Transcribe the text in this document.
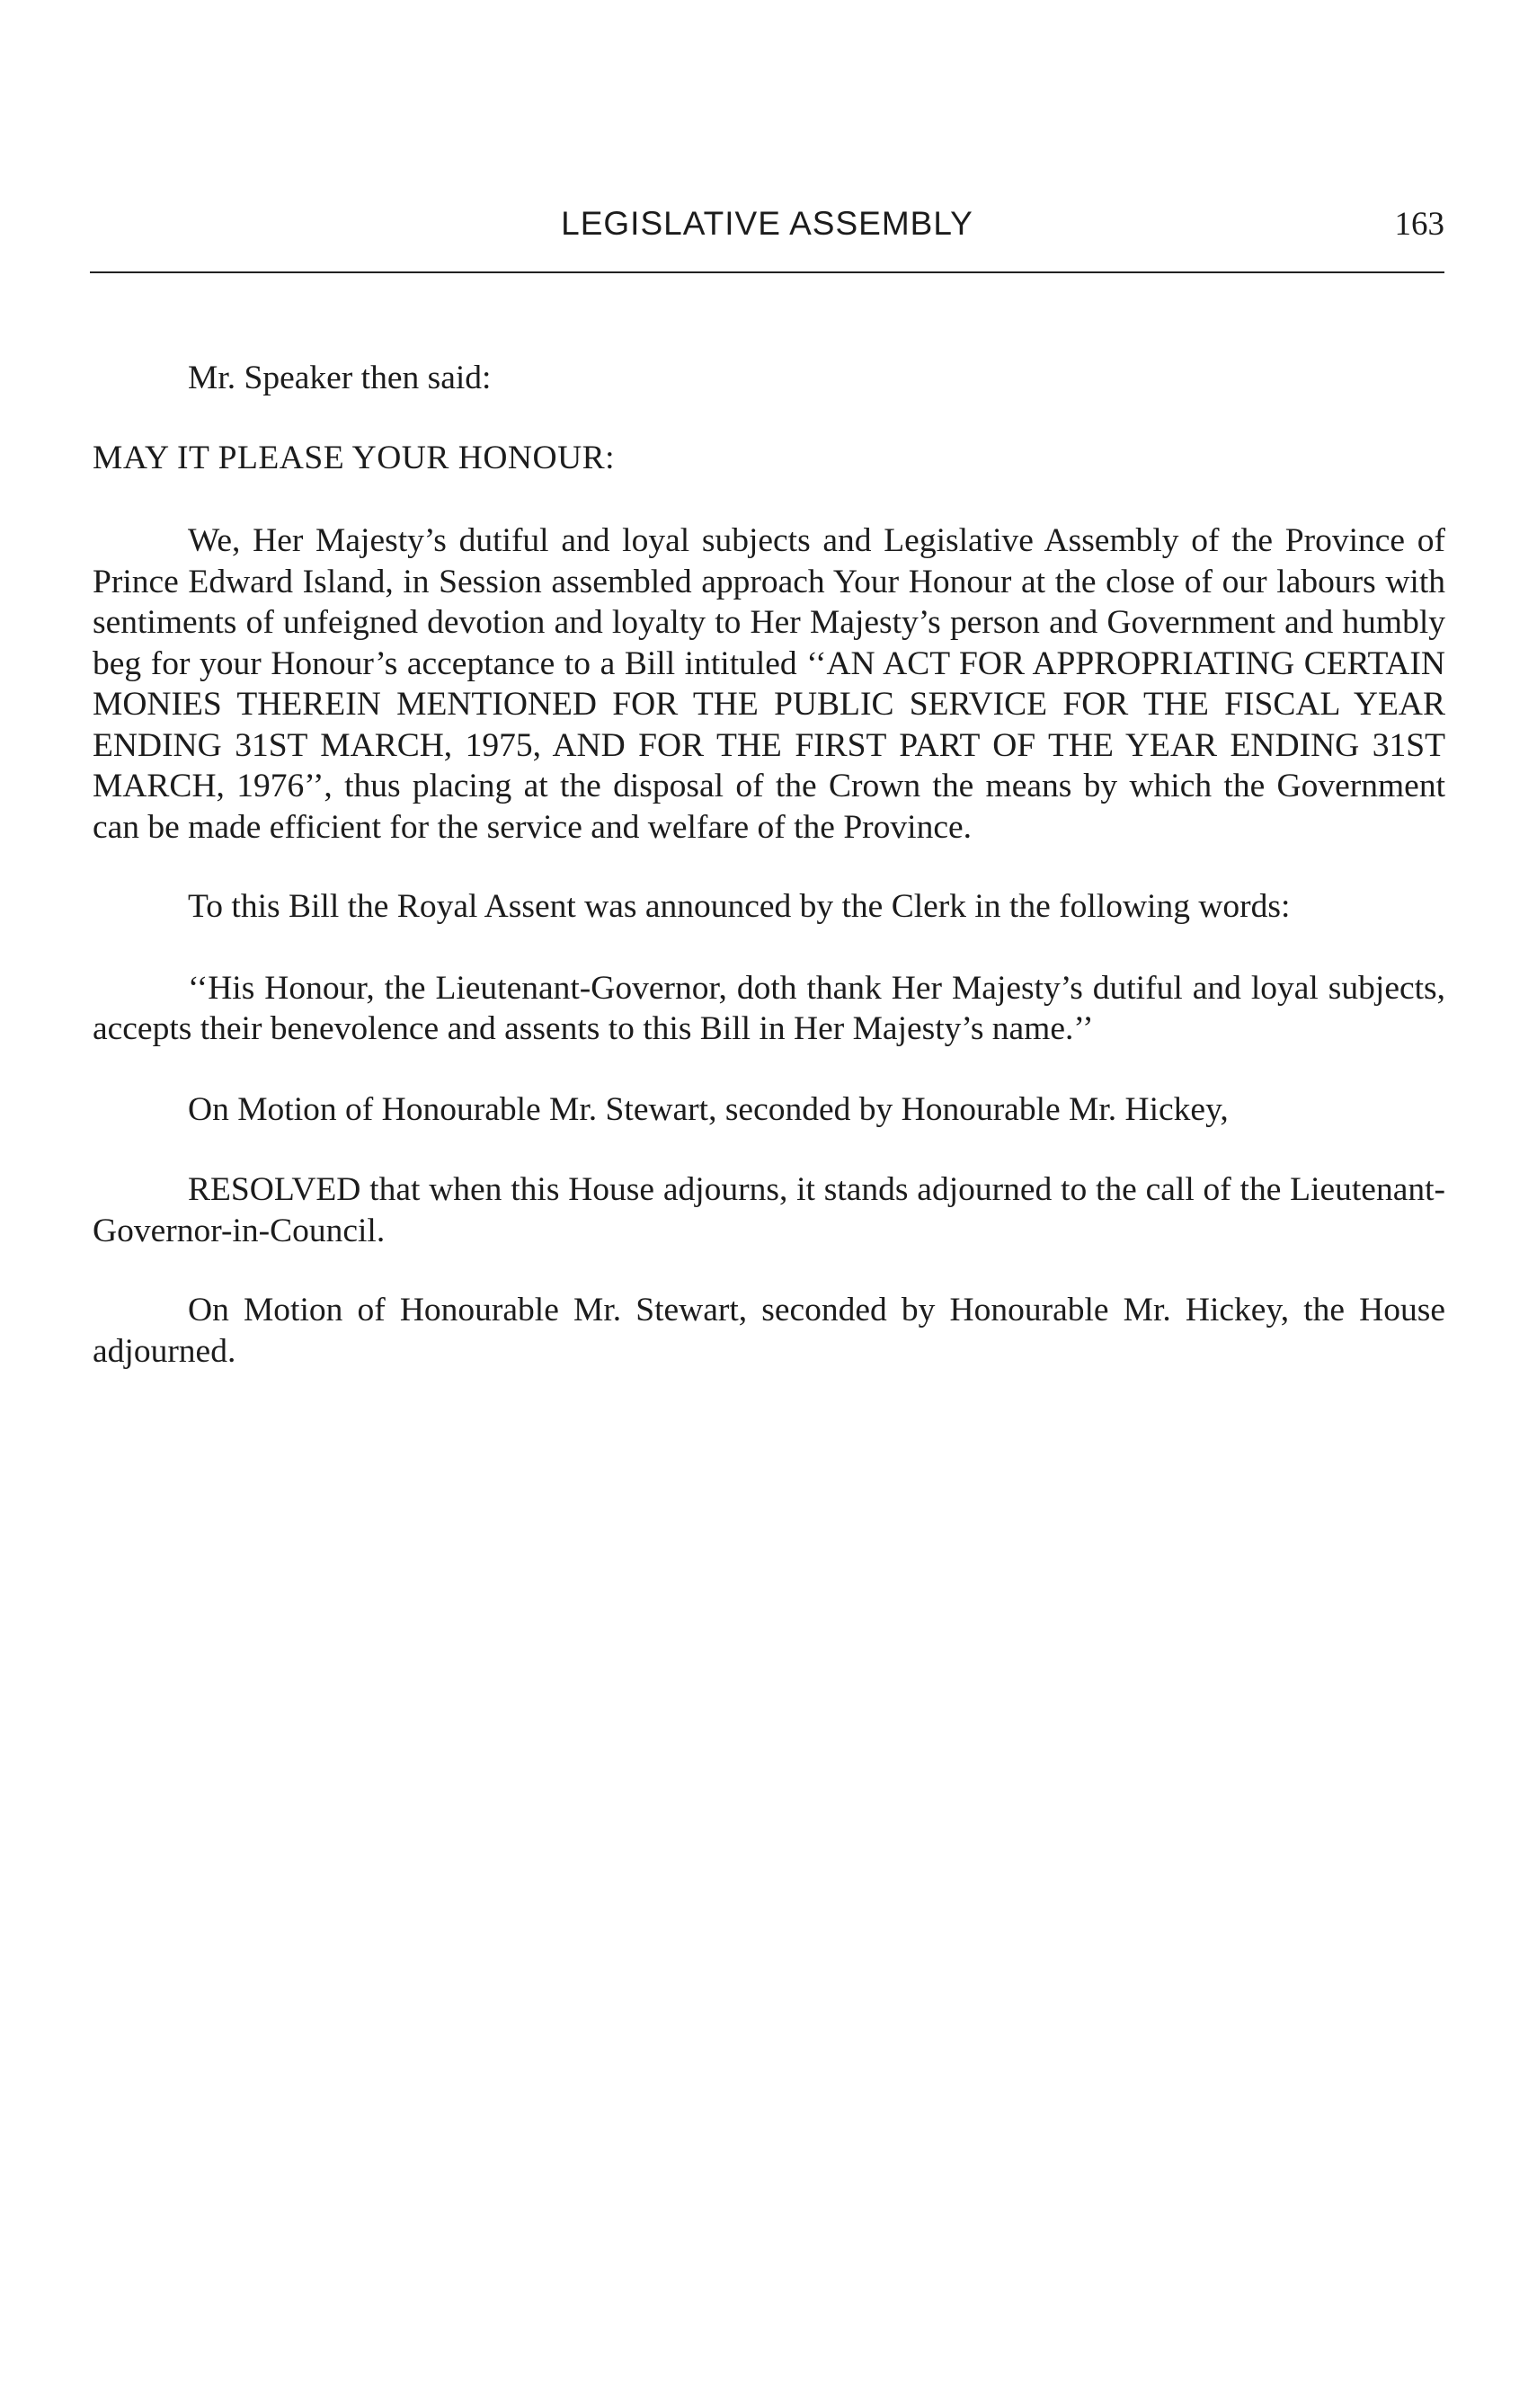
LEGISLATIVE ASSEMBLY	163

Mr. Speaker then said:

MAY IT PLEASE YOUR HONOUR:

We, Her Majesty’s dutiful and loyal subjects and Legislative Assembly of the Province of Prince Edward Island, in Session assembled approach Your Honour at the close of our labours with sentiments of unfeigned devotion and loyalty to Her Majesty’s person and Government and humbly beg for your Honour’s acceptance to a Bill intituled ‘‘AN ACT FOR APPROPRIATING CERTAIN MONIES THEREIN MENTIONED FOR THE PUBLIC SERVICE FOR THE FISCAL YEAR ENDING 31ST MARCH, 1975, AND FOR THE FIRST PART OF THE YEAR ENDING 31ST MARCH, 1976’’, thus placing at the disposal of the Crown the means by which the Government can be made efficient for the service and welfare of the Province.

To this Bill the Royal Assent was announced by the Clerk in the following words:

‘‘His Honour, the Lieutenant-Governor, doth thank Her Majesty’s dutiful and loyal subjects, accepts their benevolence and assents to this Bill in Her Majesty’s name.’’

On Motion of Honourable Mr. Stewart, seconded by Honourable Mr. Hickey,

RESOLVED that when this House adjourns, it stands adjourned to the call of the Lieutenant-Governor-in-Council.

On Motion of Honourable Mr. Stewart, seconded by Honourable Mr. Hickey, the House adjourned.
